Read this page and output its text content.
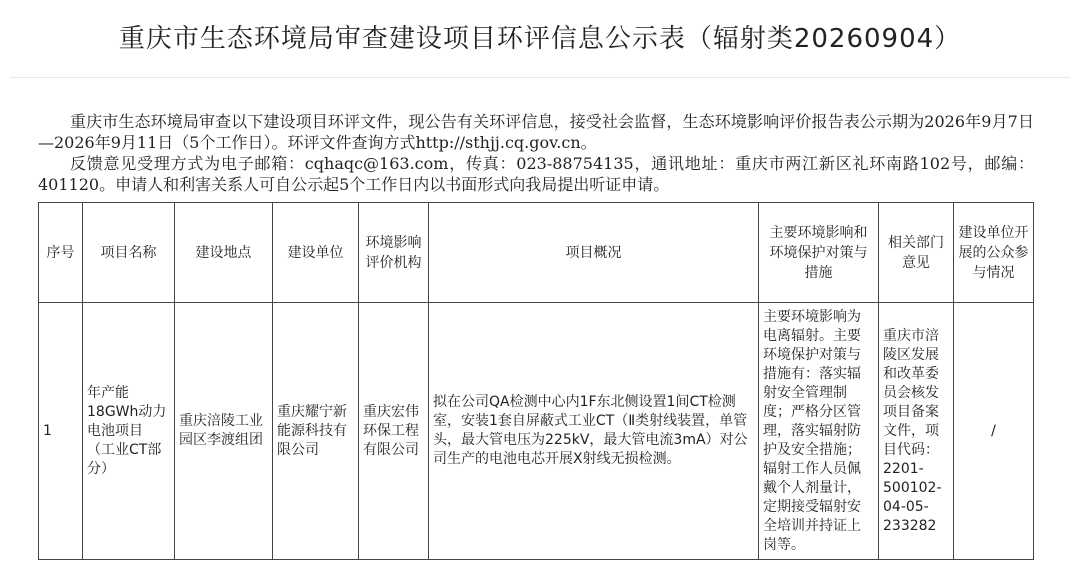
重庆市生态环境局审查建设项目环评信息公示表（辐射类20260904）

重庆市生态环境局审查以下建设项目环评文件，现公告有关环评信息，接受社会监督，生态环境影响评价报告表公示期为2026年9月7日—2026年9月11日（5个工作日）。环评文件查询方式http://sthjj.cq.gov.cn。

反馈意见受理方式为电子邮箱：cqhaqc@163.com，传真：023-88754135，通讯地址：重庆市两江新区礼环南路102号，邮编：401120。申请人和利害关系人可自公示起5个工作日内以书面形式向我局提出听证申请。

序号	项目名称	建设地点	建设单位	环境影响评价机构	项目概况	主要环境影响和环境保护对策与措施	相关部门意见	建设单位开展的公众参与情况
1	年产能18GWh动力电池项目（工业CT部分）	重庆涪陵工业园区李渡组团	重庆耀宁新能源科技有限公司	重庆宏伟环保工程有限公司	拟在公司QA检测中心内1F东北侧设置1间CT检测室，安装1套自屏蔽式工业CT（Ⅱ类射线装置，单管头，最大管电压为225kV，最大管电流3mA）对公司生产的电池电芯开展X射线无损检测。	主要环境影响为电离辐射。主要环境保护对策与措施有：落实辐射安全管理制度；严格分区管理，落实辐射防护及安全措施；辐射工作人员佩戴个人剂量计，定期接受辐射安全培训并持证上岗等。	重庆市涪陵区发展和改革委员会核发项目备案文件，项目代码：2201-500102-04-05-233282	/
